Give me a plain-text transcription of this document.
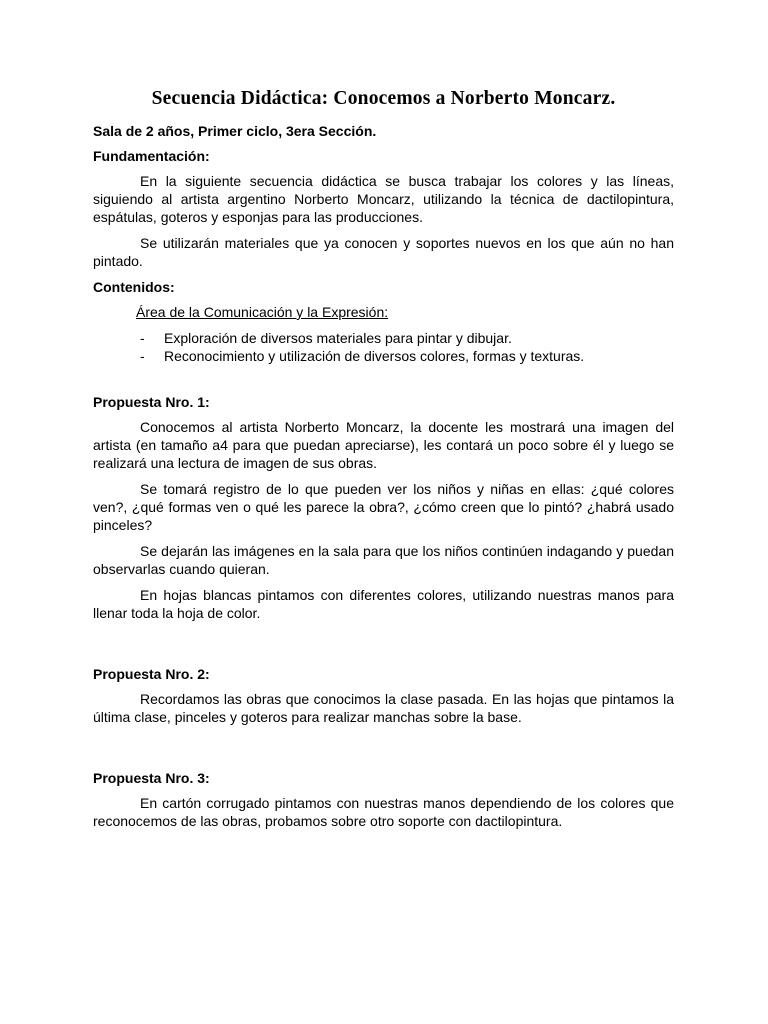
Secuencia Didáctica: Conocemos a Norberto Moncarz.
Sala de 2 años, Primer ciclo, 3era Sección.
Fundamentación:

En la siguiente secuencia didáctica se busca trabajar los colores y las líneas, siguiendo al artista argentino Norberto Moncarz, utilizando la técnica de dactilopintura, espátulas, goteros y esponjas para las producciones.

Se utilizarán materiales que ya conocen y soportes nuevos en los que aún no han pintado.

Contenidos:
Área de la Comunicación y la Expresión:
-	Exploración de diversos materiales para pintar y dibujar.
-	Reconocimiento y utilización de diversos colores, formas y texturas.
Propuesta Nro. 1:

Conocemos al artista Norberto Moncarz, la docente les mostrará una imagen del artista (en tamaño a4 para que puedan apreciarse), les contará un poco sobre él y luego se realizará una lectura de imagen de sus obras.

Se tomará registro de lo que pueden ver los niños y niñas en ellas: ¿qué colores ven?, ¿qué formas ven o qué les parece la obra?, ¿cómo creen que lo pintó? ¿habrá usado pinceles?

Se dejarán las imágenes en la sala para que los niños continúen indagando y puedan observarlas cuando quieran.

En hojas blancas pintamos con diferentes colores, utilizando nuestras manos para llenar toda la hoja de color.

Propuesta Nro. 2:

Recordamos las obras que conocimos la clase pasada. En las hojas que pintamos la última clase, pinceles y goteros para realizar manchas sobre la base.

Propuesta Nro. 3:

En cartón corrugado pintamos con nuestras manos dependiendo de los colores que reconocemos de las obras, probamos sobre otro soporte con dactilopintura.
